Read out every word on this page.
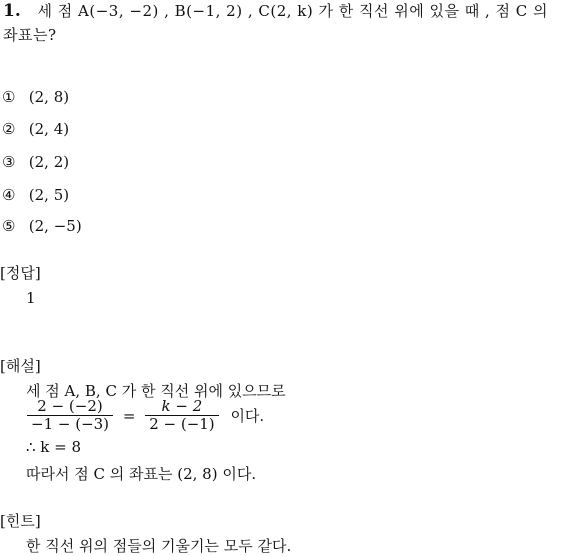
1. 세 점 A(−3, −2) , B(−1, 2) , C(2, k) 가 한 직선 위에 있을 때 , 점 C 의
좌표는?
① (2, 8)
② (2, 4)
③ (2, 2)
④ (2, 5)
⑤ (2, −5)
[정답]
1
[해설]
세 점 A, B, C 가 한 직선 위에 있으므로
$\frac{2 - (-2)}{-1 - (-3)} = \frac{k - 2}{2 - (-1)}$ 이다.
∴ k = 8
따라서 점 C 의 좌표는 (2, 8) 이다.
[힌트]
한 직선 위의 점들의 기울기는 모두 같다.
